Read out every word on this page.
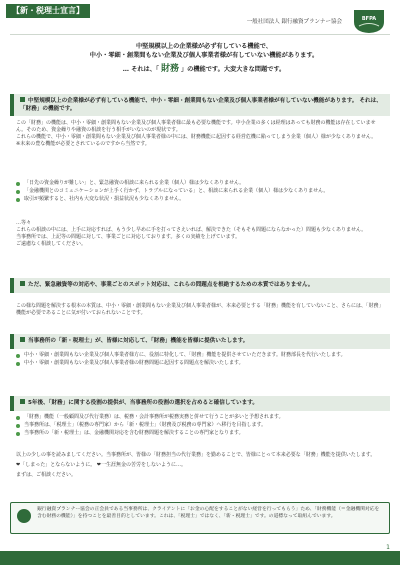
【新・税理士宣言】
一般社団法人 銀行融資プランナー協会	BFPA
中堅規模以上の企業様が必ず有している機能で、
中小・零細・創業間もない企業及び個人事業者様が有していない機能があります。
… それは、「 財務 」の機能です。大変大きな問題です。
中堅規模以上の企業様が必ず有している機能で、中小・零細・創業間もない企業及び個人事業者様が有していない機能があります。 それは、「財務」の機能です。
この「財務」の機能は、中小・零細・創業間もない企業及び個人事業者様に最も必要な機能です。中小企業の多くは経理はあっても財務の機能は存在していません。そのため、資金繰りや融資の相談を行う相手がいないのが現状です。
これらの機能で、中小・零細・創業間もない企業及び個人事業者様の中には、財務機能に起因する経営危機に陥ってしまう企業（個人）様が少なくありません。
※未来の豊な機能が必要とされているのですから当然です。
「日先の資金繰りが難しい」と、緊急融資の相談に来られる企業（個人）様は少なくありません。
「金融機関とのコミュニケーションが上手く行かず、トラブルになっている」と、相談に来られる企業（個人）様は少なくありません。
取引が頻繁すると、社内も大変な状況・損益状況も少なくありません。
…等々
これらの相談の中には、上手に対応すれば、もう少し早めに手を打ってさえいれば、解決できた（そもそも問題にならなかった）問題も少なくありません。
当事務所では、上記等の問題に対して、事業ごとに対応しております。多くの実績を上げています。
ご遠慮なく相談してください。
ただ、緊急融資等の対応や、事業ごとのスポット対応は、これらの問題点を根絶するための本質ではありません。
この様な問題を解決する根本の本質は、中小・零細・創業間もない企業及び個人事業者様が、本来必要とする「財務」機能を有していないこと、さらには、「財務」機能が必要であることに気が付いておられないことです。
当事務所の「新・税理士」が、皆様に対応して、「財務」機能を皆様に提供いたします。
中小・零細・創業間もない企業及び個人事業者様方に、役割に特化して、「財務」機能を提供させていただきます。財務部長を代行いたします。
中小・零細・創業間もない企業及び個人事業者様の財務問題に起因する問題点を解決いたします。
5年後、「財務」に関する役割の提供が、当事務所の役割の選択を占めると確信しています。
「財務」機能（一般顧問及び代行業務）は、税務・会計事務所が税務実務と併せて行うことが多いと予想されます。
当事務所は、「税理士」（税務の専門家）から「新・税理士」（財務及び税務の専門家）へ移行を目指します。
当事務所の「新・税理士」は、金融機関対応を含む財務問題を解決することの専門家となります。
以上の少しの事を読みましてください。当事務所が、皆様の「財務担当の代行業務」を勤めることで、皆様にとって本来必要な「財務」機能を提供いたします。
❤「しまった」とならないように。 ❤一生涯無金の苦労をしないように…。
まずは、ご相談ください。
銀行融資プランナー協会の正会員である当事務所は、クライアントに「お金の心配をすることがない経営を行ってもらう」ため、「財務機能（＝金融機関対応を含む財務の機能）」を持つことを最善目的としています。これは、「税理士」ではなく、「新・税理士」です。の道標なって取組んでいます。
1
